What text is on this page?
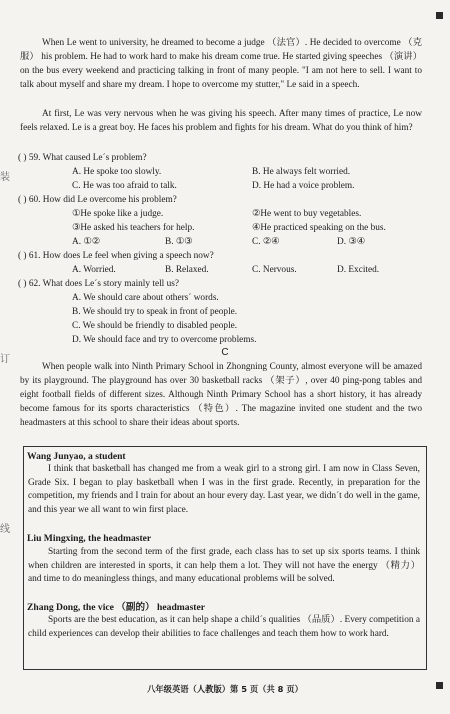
When Le went to university, he dreamed to become a judge （法官）. He decided to overcome （克服） his problem. He had to work hard to make his dream come true. He started giving speeches （演讲） on the bus every weekend and practicing talking in front of many people. "I am not here to sell. I want to talk about myself and share my dream. I hope to overcome my stutter," Le said in a speech.

At first, Le was very nervous when he was giving his speech. After many times of practice, Le now feels relaxed. Le is a great boy. He faces his problem and fights for his dream. What do you think of him?

( ) 59. What caused Le´s problem?
A. He spoke too slowly.	B. He always felt worried.
C. He was too afraid to talk.	D. He had a voice problem.
( ) 60. How did Le overcome his problem?
①He spoke like a judge.	②He went to buy vegetables.
③He asked his teachers for help.	④He practiced speaking on the bus.
A. ①②	B. ①③	C. ②④	D. ③④
( ) 61. How does Le feel when giving a speech now?
A. Worried.	B. Relaxed.	C. Nervous.	D. Excited.
( ) 62. What does Le´s story mainly tell us?
A. We should care about others´ words.
B. We should try to speak in front of people.
C. We should be friendly to disabled people.
D. We should face and try to overcome problems.
C

When people walk into Ninth Primary School in Zhongning County, almost everyone will be amazed by its playground. The playground has over 30 basketball racks （架子）, over 40 ping-pong tables and eight football fields of different sizes. Although Ninth Primary School has a short history, it has already become famous for its sports characteristics （特色）. The magazine invited one student and the two headmasters at this school to share their ideas about sports.

Wang Junyao, a student

I think that basketball has changed me from a weak girl to a strong girl. I am now in Class Seven, Grade Six. I began to play basketball when I was in the first grade. Recently, in preparation for the competition, my friends and I train for about an hour every day. Last year, we didn´t do well in the game, and this year we all want to win first place.

Liu Mingxing, the headmaster

Starting from the second term of the first grade, each class has to set up six sports teams. I think when children are interested in sports, it can help them a lot. They will not have the energy （精力） and time to do meaningless things, and many educational problems will be solved.

Zhang Dong, the vice （副的） headmaster

Sports are the best education, as it can help shape a child´s qualities （品质）. Every competition a child experiences can develop their abilities to face challenges and teach them how to work hard.

八年级英语（人教版）第 5 页（共 8 页）
装
订
线
